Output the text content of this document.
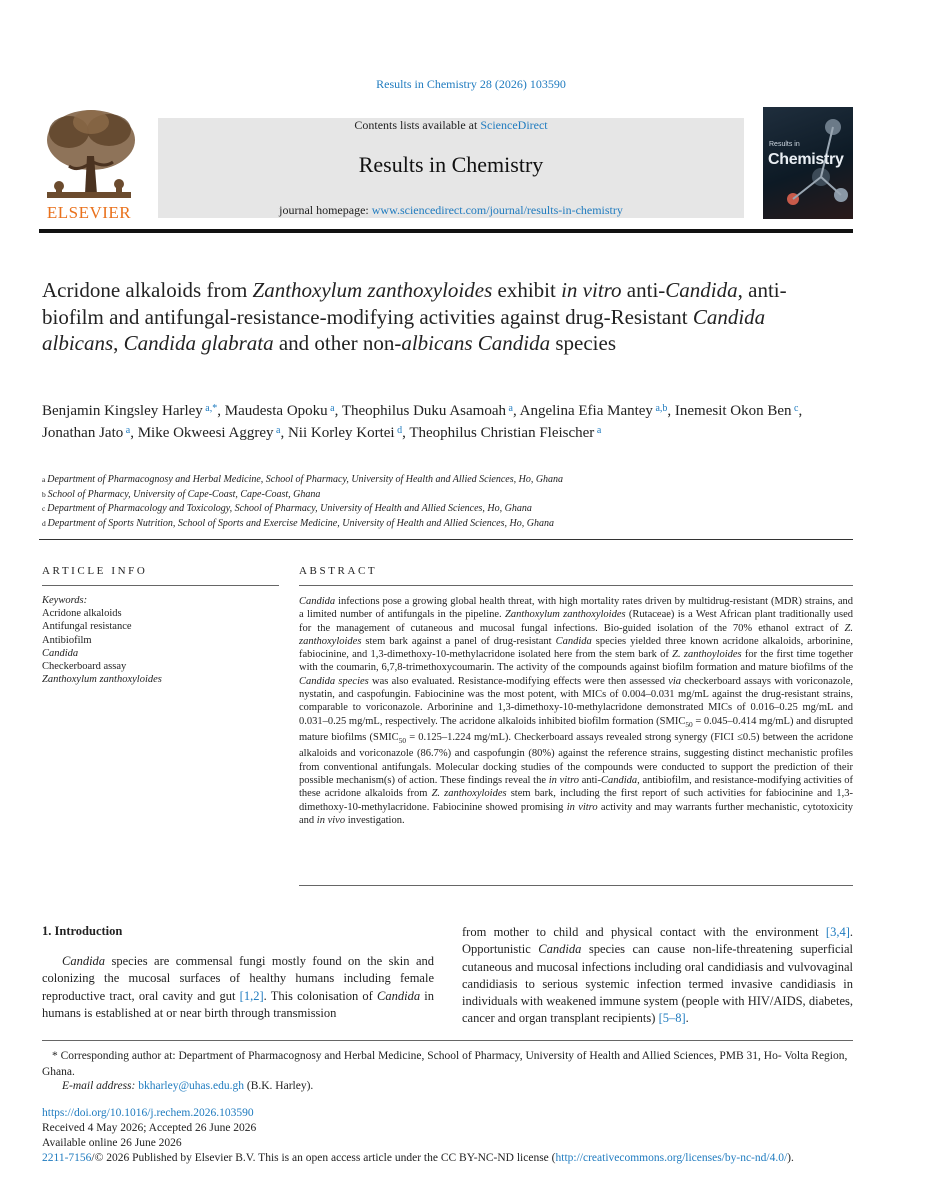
Results in Chemistry 28 (2026) 103590
ELSEVIER
Contents lists available at ScienceDirect
Results in Chemistry
journal homepage: www.sciencedirect.com/journal/results-in-chemistry
Results in
Chemistry
Acridone alkaloids from Zanthoxylum zanthoxyloides exhibit in vitro anti-Candida, anti-biofilm and antifungal-resistance-modifying activities against drug-Resistant Candida albicans, Candida glabrata and other non-albicans Candida species
Benjamin Kingsley Harley $^{a,*}$, Maudesta Opoku $^a$, Theophilus Duku Asamoah $^a$, Angelina Efia Mantey $^{a,b}$, Inemesit Okon Ben $^c$, Jonathan Jato $^a$, Mike Okweesi Aggrey $^a$, Nii Korley Kortei $^d$, Theophilus Christian Fleischer $^a$
$^a$ Department of Pharmacognosy and Herbal Medicine, School of Pharmacy, University of Health and Allied Sciences, Ho, Ghana
$^b$ School of Pharmacy, University of Cape-Coast, Cape-Coast, Ghana
$^c$ Department of Pharmacology and Toxicology, School of Pharmacy, University of Health and Allied Sciences, Ho, Ghana
$^d$ Department of Sports Nutrition, School of Sports and Exercise Medicine, University of Health and Allied Sciences, Ho, Ghana
ARTICLE INFO
Keywords:
Acridone alkaloids
Antifungal resistance
Antibiofilm
Candida
Checkerboard assay
Zanthoxylum zanthoxyloides
ABSTRACT
Candida infections pose a growing global health threat, with high mortality rates driven by multidrug-resistant (MDR) strains, and a limited number of antifungals in the pipeline. Zanthoxylum zanthoxyloides (Rutaceae) is a West African plant traditionally used for the management of cutaneous and mucosal fungal infections. Bio-guided isolation of the 70% ethanol extract of Z. zanthoxyloides stem bark against a panel of drug-resistant Candida species yielded three known acridone alkaloids, arborinine, fabiocinine, and 1,3-dimethoxy-10-methylacridone isolated here from the stem bark of Z. zanthoyloides for the first time together with the coumarin, 6,7,8-trimethoxycoumarin. The activity of the compounds against biofilm formation and mature biofilms of the Candida species was also evaluated. Resistance-modifying effects were then assessed via checkerboard assays with voriconazole, nystatin, and caspofungin. Fabiocinine was the most potent, with MICs of 0.004–0.031 mg/mL against the drug-resistant strains, comparable to voriconazole. Arborinine and 1,3-dimethoxy-10-methylacridone demonstrated MICs of 0.016–0.25 mg/mL and 0.031–0.25 mg/mL, respectively. The acridone alkaloids inhibited biofilm formation ($SMIC_{50} = 0.045-0.414$ mg/mL) and disrupted mature biofilms ($SMIC_{50} = 0.125-1.224$ mg/mL). Checkerboard assays revealed strong synergy (FICI ≤0.5) between the acridone alkaloids and voriconazole (86.7%) and caspofungin (80%) against the reference strains, suggesting distinct mechanistic profiles from conventional antifungals. Molecular docking studies of the compounds were conducted to support the prediction of their possible mechanism(s) of action. These findings reveal the in vitro anti-Candida, antibiofilm, and resistance-modifying activities of these acridone alkaloids from Z. zanthoxyloides stem bark, including the first report of such activities for fabiocinine and 1,3-dimethoxy-10-methylacridone. Fabiocinine showed promising in vitro activity and may warrants further mechanistic, cytotoxicity and in vivo investigation.
1. Introduction
Candida species are commensal fungi mostly found on the skin and colonizing the mucosal surfaces of healthy humans including female reproductive tract, oral cavity and gut [1,2]. This colonisation of Candida in humans is established at or near birth through transmission
from mother to child and physical contact with the environment [3,4]. Opportunistic Candida species can cause non-life-threatening superficial cutaneous and mucosal infections including oral candidiasis and vulvovaginal candidiasis to serious systemic infection termed invasive candidiasis in individuals with weakened immune system (people with HIV/AIDS, diabetes, cancer and organ transplant recipients) [5–8].
* Corresponding author at: Department of Pharmacognosy and Herbal Medicine, School of Pharmacy, University of Health and Allied Sciences, PMB 31, Ho- Volta Region, Ghana.
E-mail address: bkharley@uhas.edu.gh (B.K. Harley).
https://doi.org/10.1016/j.rechem.2026.103590
Received 4 May 2026; Accepted 26 June 2026
Available online 26 June 2026
2211-7156/© 2026 Published by Elsevier B.V. This is an open access article under the CC BY-NC-ND license (http://creativecommons.org/licenses/by-nc-nd/4.0/).
